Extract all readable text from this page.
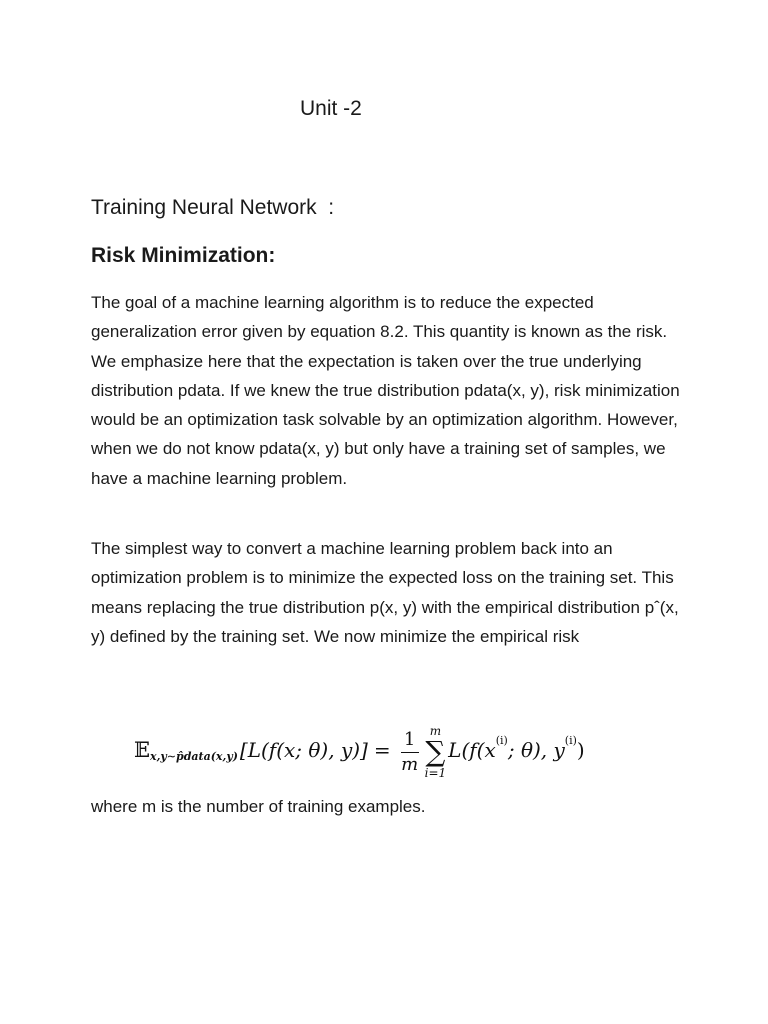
Unit -2
Training Neural Network  :
Risk Minimization:

The goal of a machine learning algorithm is to reduce the expected generalization error given by equation 8.2. This quantity is known as the risk. We emphasize here that the expectation is taken over the true underlying distribution pdata. If we knew the true distribution pdata(x, y), risk minimization would be an optimization task solvable by an optimization algorithm. However, when we do not know pdata(x, y) but only have a training set of samples, we have a machine learning problem.

The simplest way to convert a machine learning problem back into an optimization problem is to minimize the expected loss on the training set. This means replacing the true distribution p(x, y) with the empirical distribution pˆ(x, y) defined by the training set. We now minimize the empirical risk

𝔼 x,y∼p̂data(x,y) [L(f(x; θ), $y)] = \frac{1}{m}$ m
∑
i=1
L(f(x (i) ; θ), y (i) )

where m is the number of training examples.
